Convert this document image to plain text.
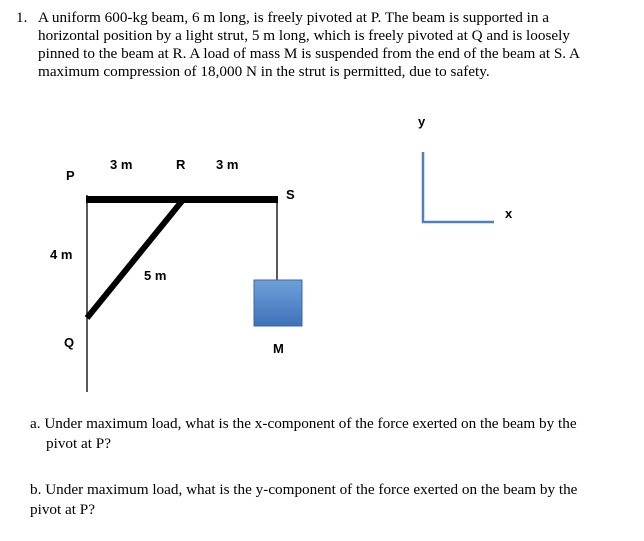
1. A uniform 600-kg beam, 6 m long, is freely pivoted at P. The beam is supported in a horizontal position by a light strut, 5 m long, which is freely pivoted at Q and is loosely pinned to the beam at R. A load of mass M is suspended from the end of the beam at S. A maximum compression of 18,000 N in the strut is permitted, due to safety.
P
3 m	R 3 m
S
4 m
5 m
Q	M
y
x
a. Under maximum load, what is the x-component of the force exerted on the beam by the
pivot at P?
b. Under maximum load, what is the y-component of the force exerted on the beam by the
pivot at P?
